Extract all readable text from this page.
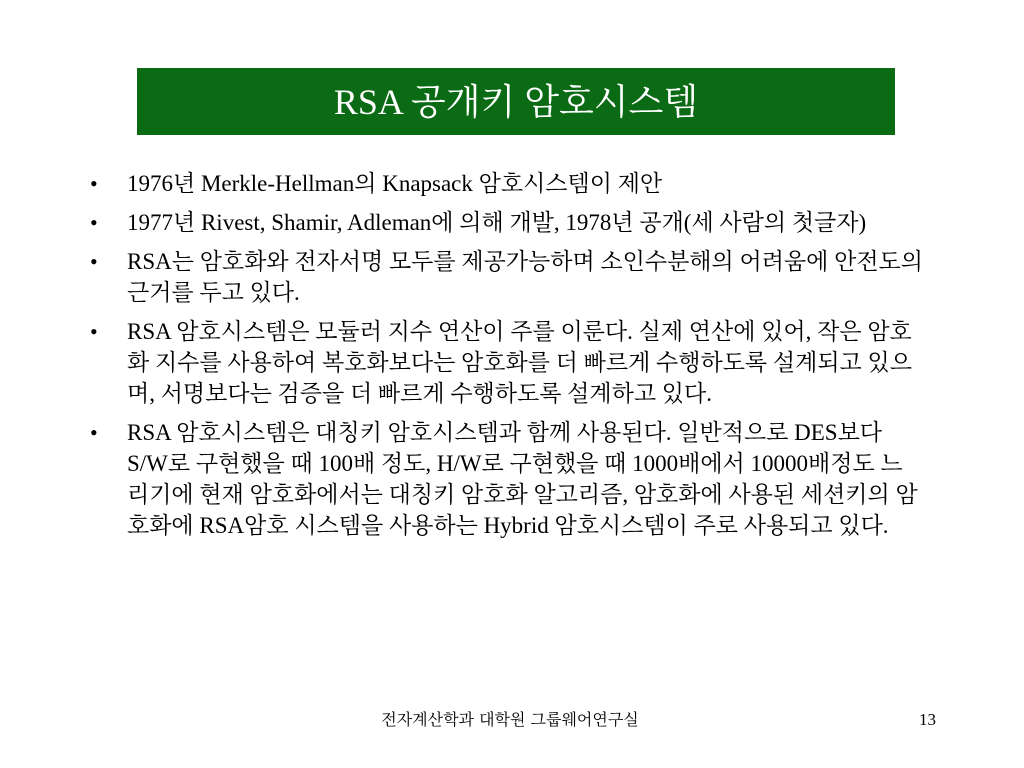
RSA 공개키 암호시스템
•	1976년 Merkle-Hellman의 Knapsack 암호시스템이 제안
•	1977년 Rivest, Shamir, Adleman에 의해 개발, 1978년 공개(세 사람의 첫글자)
•	RSA는 암호화와 전자서명 모두를 제공가능하며 소인수분해의 어려움에 안전도의 근거를 두고 있다.
•	RSA 암호시스템은 모듈러 지수 연산이 주를 이룬다. 실제 연산에 있어, 작은 암호화 지수를 사용하여 복호화보다는 암호화를 더 빠르게 수행하도록 설계되고 있으며, 서명보다는 검증을 더 빠르게 수행하도록 설계하고 있다.
•	RSA 암호시스템은 대칭키 암호시스템과 함께 사용된다. 일반적으로 DES보다 S/W로 구현했을 때 100배 정도, H/W로 구현했을 때 1000배에서 10000배정도 느리기에 현재 암호화에서는 대칭키 암호화 알고리즘, 암호화에 사용된 세션키의 암호화에 RSA암호 시스템을 사용하는 Hybrid 암호시스템이 주로 사용되고 있다.
전자계산학과 대학원 그룹웨어연구실	13
